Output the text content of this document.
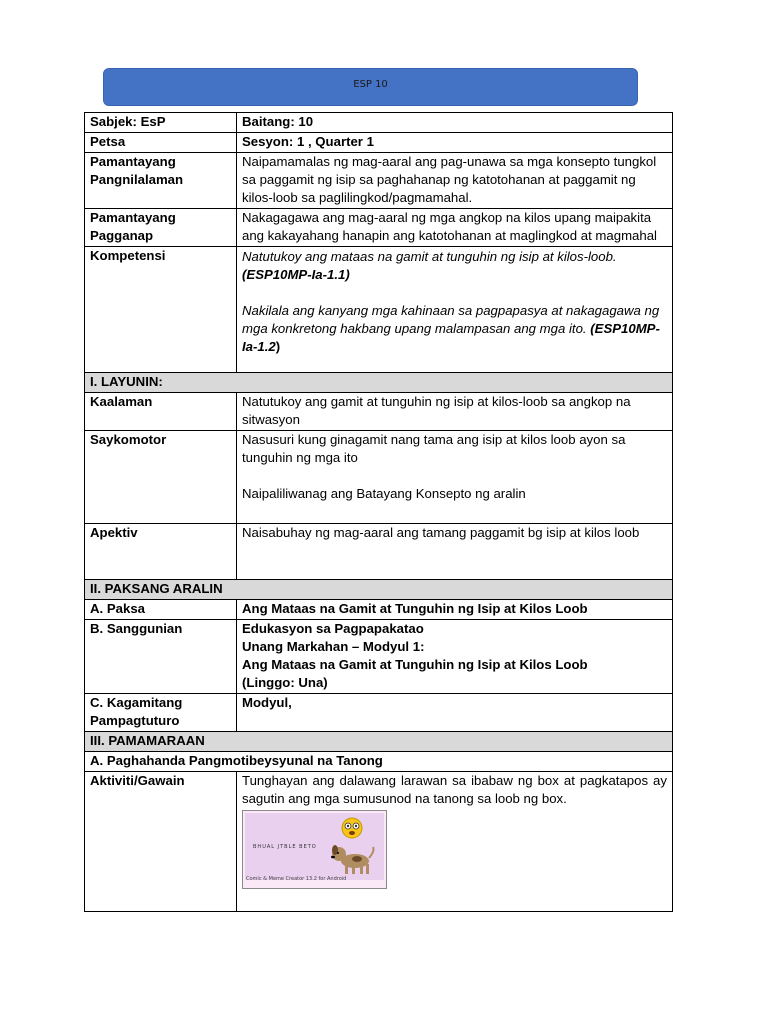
ESP 10
Sabjek: EsP	Baitang: 10
Petsa	Sesyon: 1 , Quarter 1
Pamantayang Pangnilalaman	Naipamamalas ng mag-aaral ang pag-unawa sa mga konsepto tungkol sa paggamit ng isip sa paghahanap ng katotohanan at paggamit ng kilos-loob sa paglilingkod/pagmamahal.
Pamantayang Pagganap	Nakagagawa ang mag-aaral ng mga angkop na kilos upang maipakita ang kakayahang hanapin ang katotohanan at maglingkod at magmahal
Kompetensi	Natutukoy ang mataas na gamit at tunguhin ng isip at kilos-loob. (ESP10MP-Ia-1.1)
Nakilala ang kanyang mga kahinaan sa pagpapasya at nakagagawa ng mga konkretong hakbang upang malampasan ang mga ito. (ESP10MP-Ia-1.2)

I. LAYUNIN:	
Kaalaman	Natutukoy ang gamit at tunguhin ng isip at kilos-loob sa angkop na sitwasyon
Saykomotor	Nasusuri kung ginagamit nang tama ang isip at kilos loob ayon sa tunguhin ng mga ito
Naipaliliwanag ang Batayang Konsepto ng aralin

Apektiv	Naisabuhay ng mag-aaral ang tamang paggamit bg isip at kilos loob
II. PAKSANG ARALIN	
A. Paksa	Ang Mataas na Gamit at Tunguhin ng Isip at Kilos Loob
B. Sanggunian	Edukasyon sa Pagpapakatao
Unang Markahan – Modyul 1:
Ang Mataas na Gamit at Tunguhin ng Isip at Kilos Loob
(Linggo: Una)

C. Kagamitang Pampagtuturo	Modyul,
III. PAMAMARAAN	
A. Paghahanda Pangmotibeysyunal na Tanong	
Aktiviti/Gawain	Tunghayan ang dalawang larawan sa ibabaw ng box at pagkatapos ay sagutin ang mga sumusunod na tanong sa loob ng box.
BHUAL JTBLE BETO
Comic & Meme Creator 13.2 for Android
